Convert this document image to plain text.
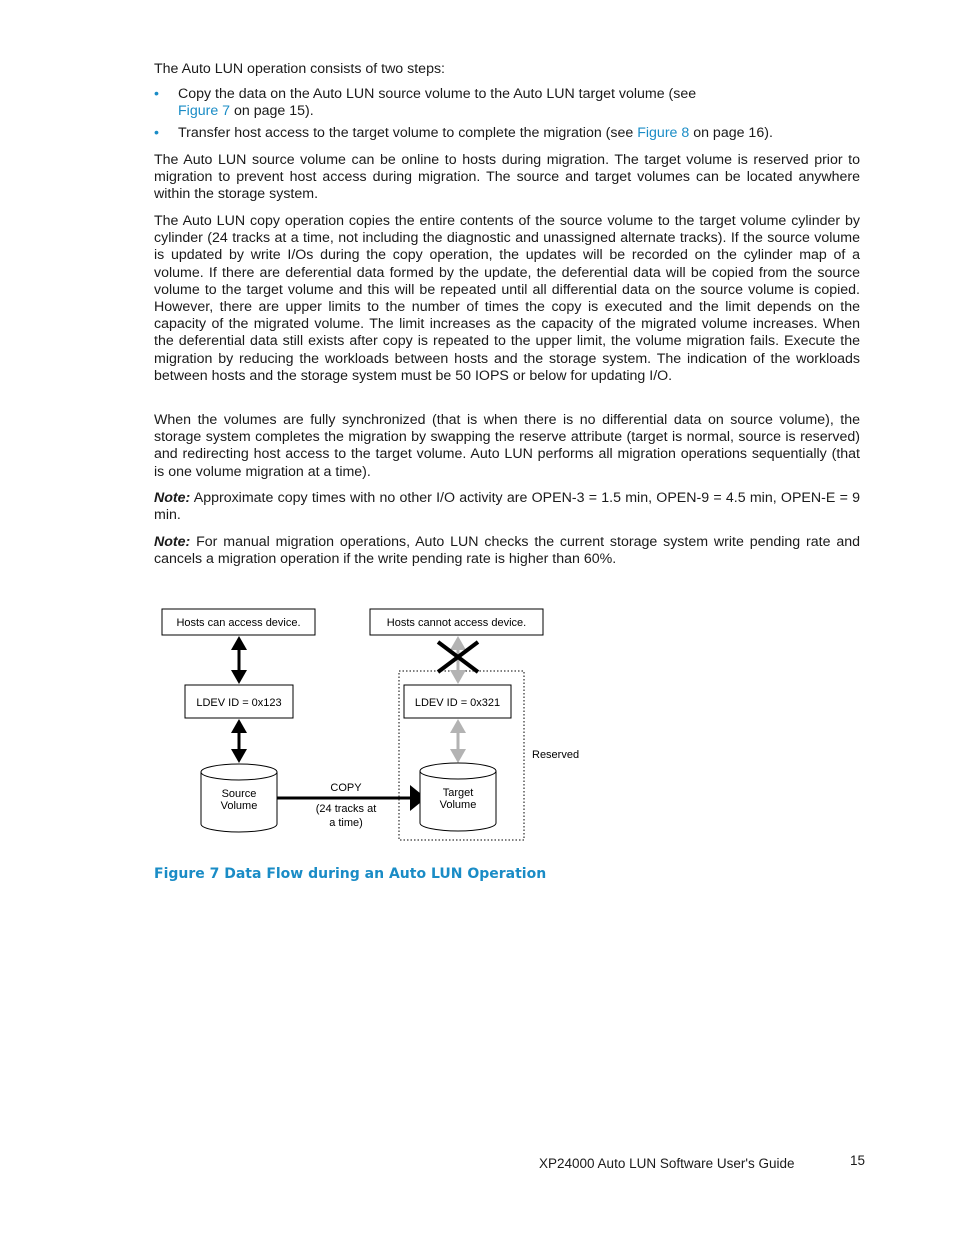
The Auto LUN operation consists of two steps:

• Copy the data on the Auto LUN source volume to the Auto LUN target volume (see
Figure 7 on page 15).
• Transfer host access to the target volume to complete the migration (see Figure 8 on page 16).

The Auto LUN source volume can be online to hosts during migration. The target volume is reserved prior to migration to prevent host access during migration. The source and target volumes can be located anywhere within the storage system.

The Auto LUN copy operation copies the entire contents of the source volume to the target volume cylinder by cylinder (24 tracks at a time, not including the diagnostic and unassigned alternate tracks). If the source volume is updated by write I/Os during the copy operation, the updates will be recorded on the cylinder map of a volume. If there are deferential data formed by the update, the deferential data will be copied from the source volume to the target volume and this will be repeated until all differential data on the source volume is copied. However, there are upper limits to the number of times the copy is executed and the limit depends on the capacity of the migrated volume. The limit increases as the capacity of the migrated volume increases. When the deferential data still exists after copy is repeated to the upper limit, the volume migration fails. Execute the migration by reducing the workloads between hosts and the storage system. The indication of the workloads between hosts and the storage system must be 50 IOPS or below for updating I/O.

When the volumes are fully synchronized (that is when there is no differential data on source volume), the storage system completes the migration by swapping the reserve attribute (target is normal, source is reserved) and redirecting host access to the target volume. Auto LUN performs all migration operations sequentially (that is one volume migration at a time).

Note: Approximate copy times with no other I/O activity are OPEN-3 = 1.5 min, OPEN-9 = 4.5 min, OPEN-E = 9 min.

Note: For manual migration operations, Auto LUN checks the current storage system write pending rate and cancels a migration operation if the write pending rate is higher than 60%.

Hosts can access device.	Hosts cannot access device.
LDEV ID = 0x123
Source
Volume
COPY
(24 tracks at
a time)
Reserved
LDEV ID = 0x321
Target
Volume
Figure 7 Data Flow during an Auto LUN Operation
XP24000 Auto LUN Software User's Guide	15
